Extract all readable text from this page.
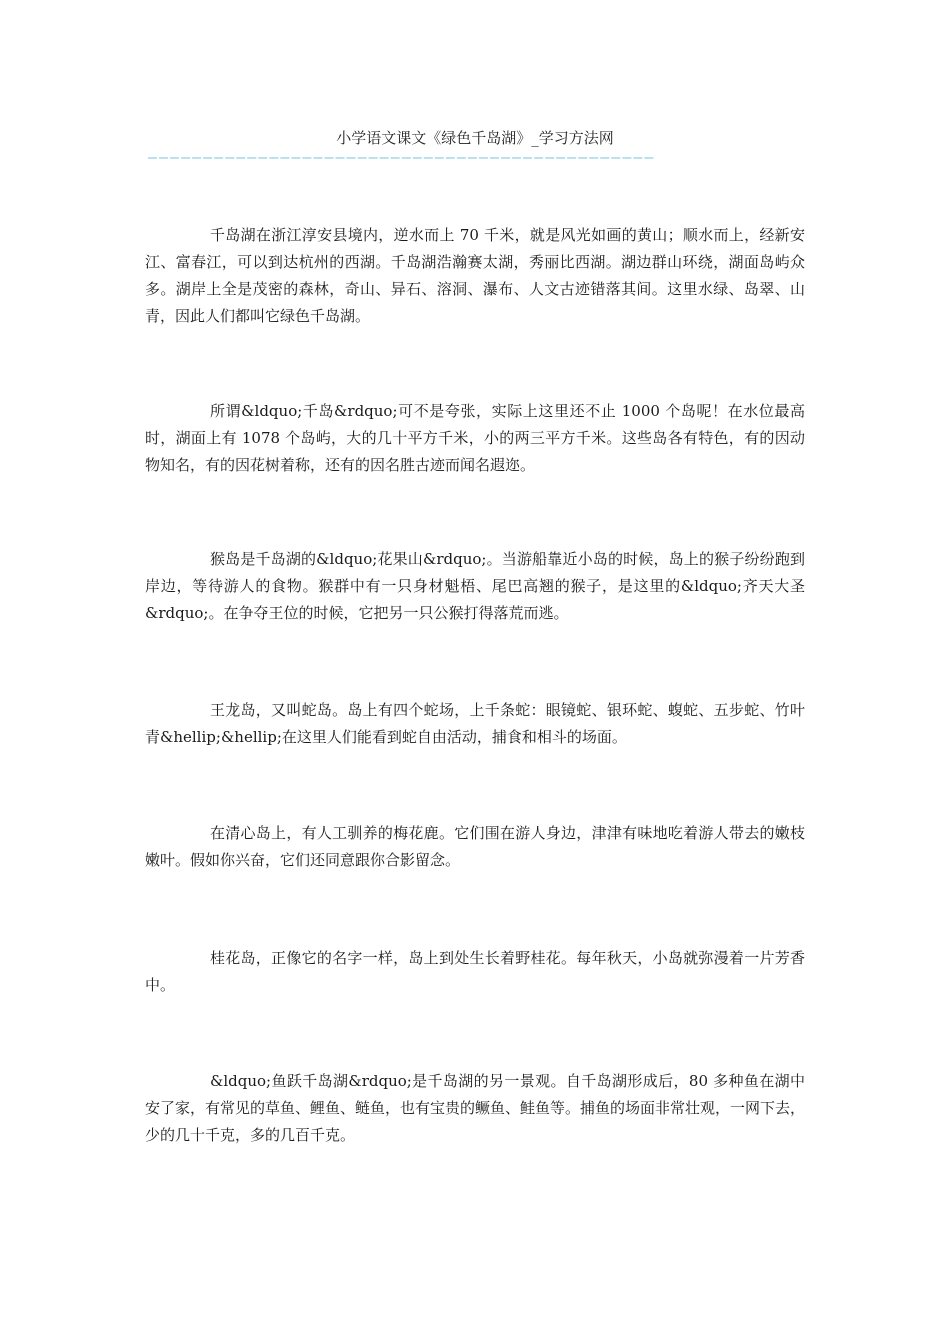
小学语文课文《绿色千岛湖》_学习方法网
——————————————————————————————————————————————

千岛湖在浙江淳安县境内，逆水而上 70 千米，就是风光如画的黄山；顺水而上，经新安江、富春江，可以到达杭州的西湖。千岛湖浩瀚赛太湖，秀丽比西湖。湖边群山环绕，湖面岛屿众多。湖岸上全是茂密的森林，奇山、异石、溶洞、瀑布、人文古迹错落其间。这里水绿、岛翠、山青，因此人们都叫它绿色千岛湖。

所谓&ldquo;千岛&rdquo;可不是夸张，实际上这里还不止 1000 个岛呢！在水位最高时，湖面上有 1078 个岛屿，大的几十平方千米，小的两三平方千米。这些岛各有特色，有的因动物知名，有的因花树着称，还有的因名胜古迹而闻名遐迩。

猴岛是千岛湖的&ldquo;花果山&rdquo;。当游船靠近小岛的时候，岛上的猴子纷纷跑到岸边，等待游人的食物。猴群中有一只身材魁梧、尾巴高翘的猴子，是这里的&ldquo;齐天大圣&rdquo;。在争夺王位的时候，它把另一只公猴打得落荒而逃。

王龙岛，又叫蛇岛。岛上有四个蛇场，上千条蛇：眼镜蛇、银环蛇、蝮蛇、五步蛇、竹叶青&hellip;&hellip;在这里人们能看到蛇自由活动，捕食和相斗的场面。

在清心岛上，有人工驯养的梅花鹿。它们围在游人身边，津津有味地吃着游人带去的嫩枝嫩叶。假如你兴奋，它们还同意跟你合影留念。

桂花岛，正像它的名字一样，岛上到处生长着野桂花。每年秋天，小岛就弥漫着一片芳香中。

&ldquo;鱼跃千岛湖&rdquo;是千岛湖的另一景观。自千岛湖形成后，80 多种鱼在湖中安了家，有常见的草鱼、鲤鱼、鲢鱼，也有宝贵的鳜鱼、鲑鱼等。捕鱼的场面非常壮观，一网下去，少的几十千克，多的几百千克。
